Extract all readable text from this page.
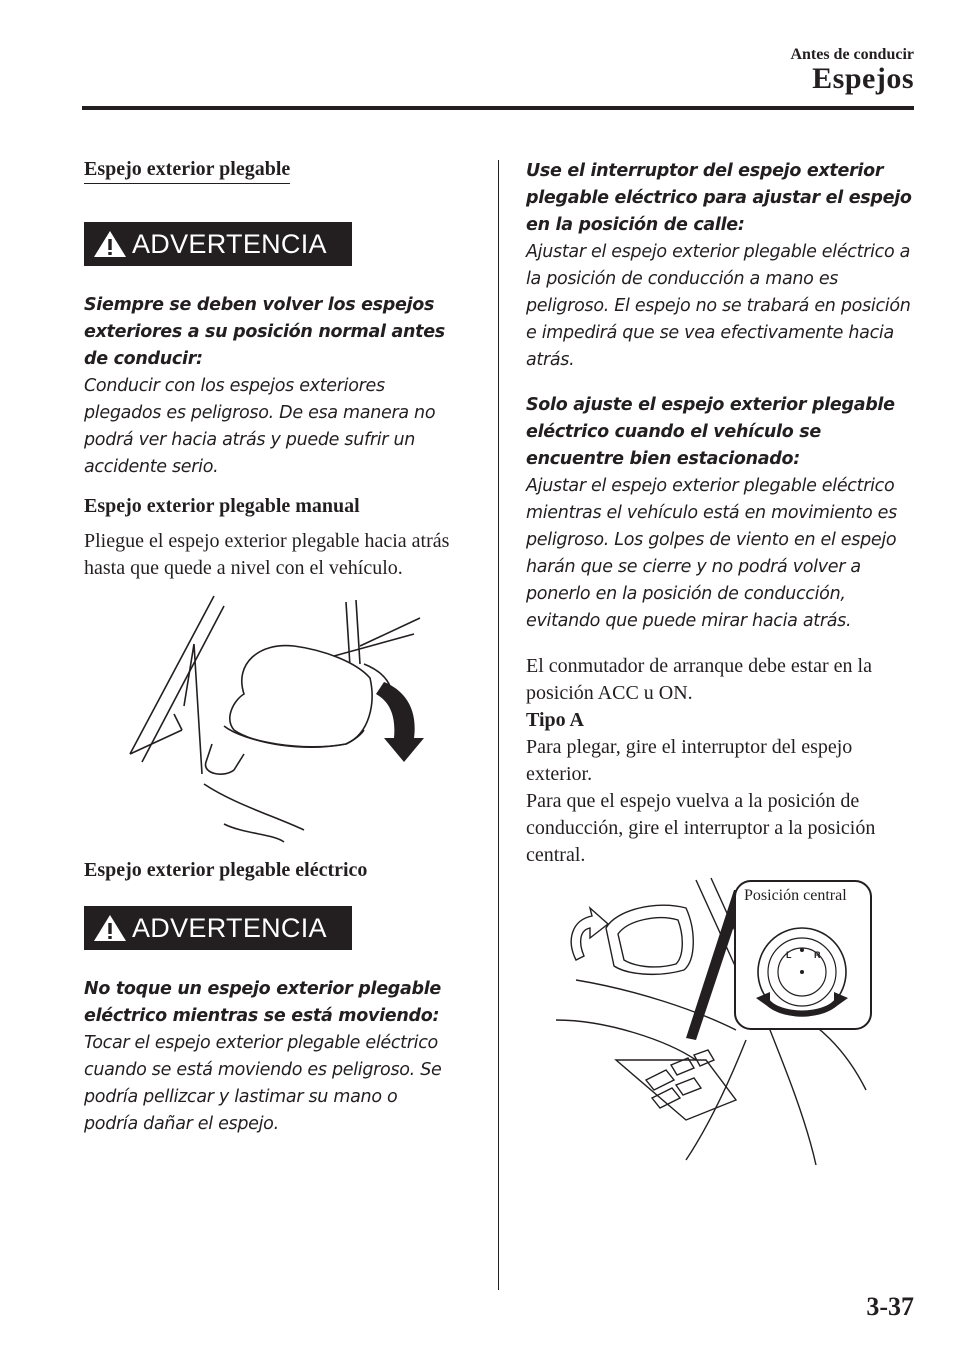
Antes de conducir
Espejos
Espejo exterior plegable
ADVERTENCIA

Siempre se deben volver los espejos exteriores a su posición normal antes de conducir:

Conducir con los espejos exteriores plegados es peligroso. De esa manera no podrá ver hacia atrás y puede sufrir un accidente serio.

Espejo exterior plegable manual

Pliegue el espejo exterior plegable hacia atrás hasta que quede a nivel con el vehículo.

Espejo exterior plegable eléctrico
ADVERTENCIA

No toque un espejo exterior plegable eléctrico mientras se está moviendo:

Tocar el espejo exterior plegable eléctrico cuando se está moviendo es peligroso. Se podría pellizcar y lastimar su mano o podría dañar el espejo.

Use el interruptor del espejo exterior plegable eléctrico para ajustar el espejo en la posición de calle:

Ajustar el espejo exterior plegable eléctrico a la posición de conducción a mano es peligroso. El espejo no se trabará en posición e impedirá que se vea efectivamente hacia atrás.

Solo ajuste el espejo exterior plegable eléctrico cuando el vehículo se encuentre bien estacionado:

Ajustar el espejo exterior plegable eléctrico mientras el vehículo está en movimiento es peligroso. Los golpes de viento en el espejo harán que se cierre y no podrá volver a ponerlo en la posición de conducción, evitando que puede mirar hacia atrás.

El conmutador de arranque debe estar en la posición ACC u ON.

Tipo A

Para plegar, gire el interruptor del espejo exterior.

Para que el espejo vuelva a la posición de conducción, gire el interruptor a la posición central.

L	R
Posición central
3-37
